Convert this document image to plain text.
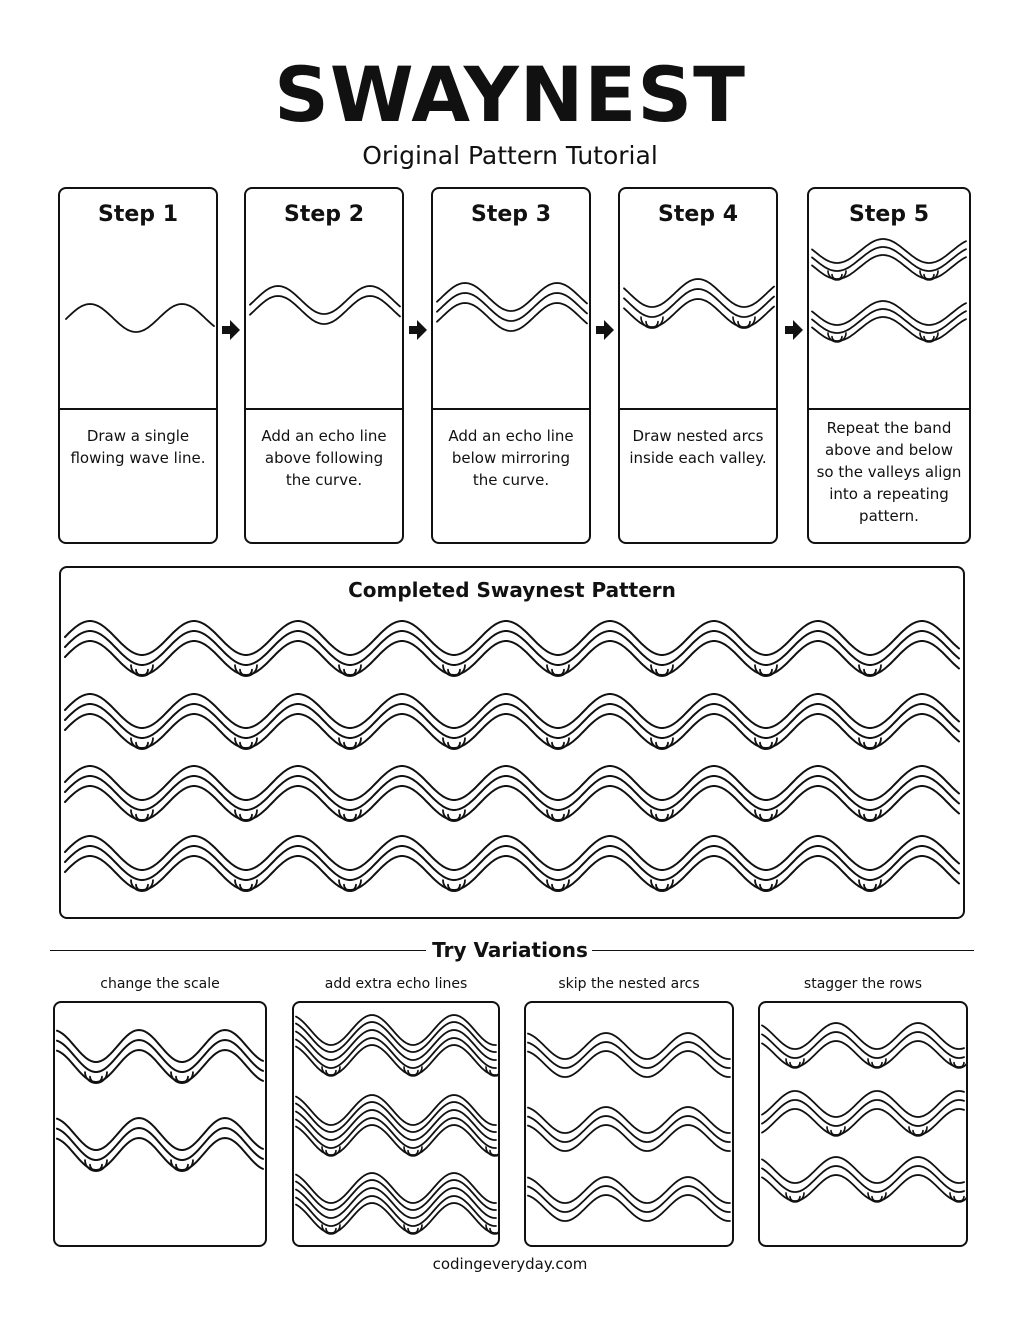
SWAYNEST
Original Pattern Tutorial
Step 1
Draw a single flowing wave line.
Step 2
Add an echo line above following the curve.
Step 3
Add an echo line below mirroring the curve.
Step 4
Draw nested arcs inside each valley.
Step 5
Repeat the band above and below so the valleys align into a repeating pattern.
Completed Swaynest Pattern
Try Variations
change the scale	add extra echo lines	skip the nested arcs	stagger the rows
codingeveryday.com
